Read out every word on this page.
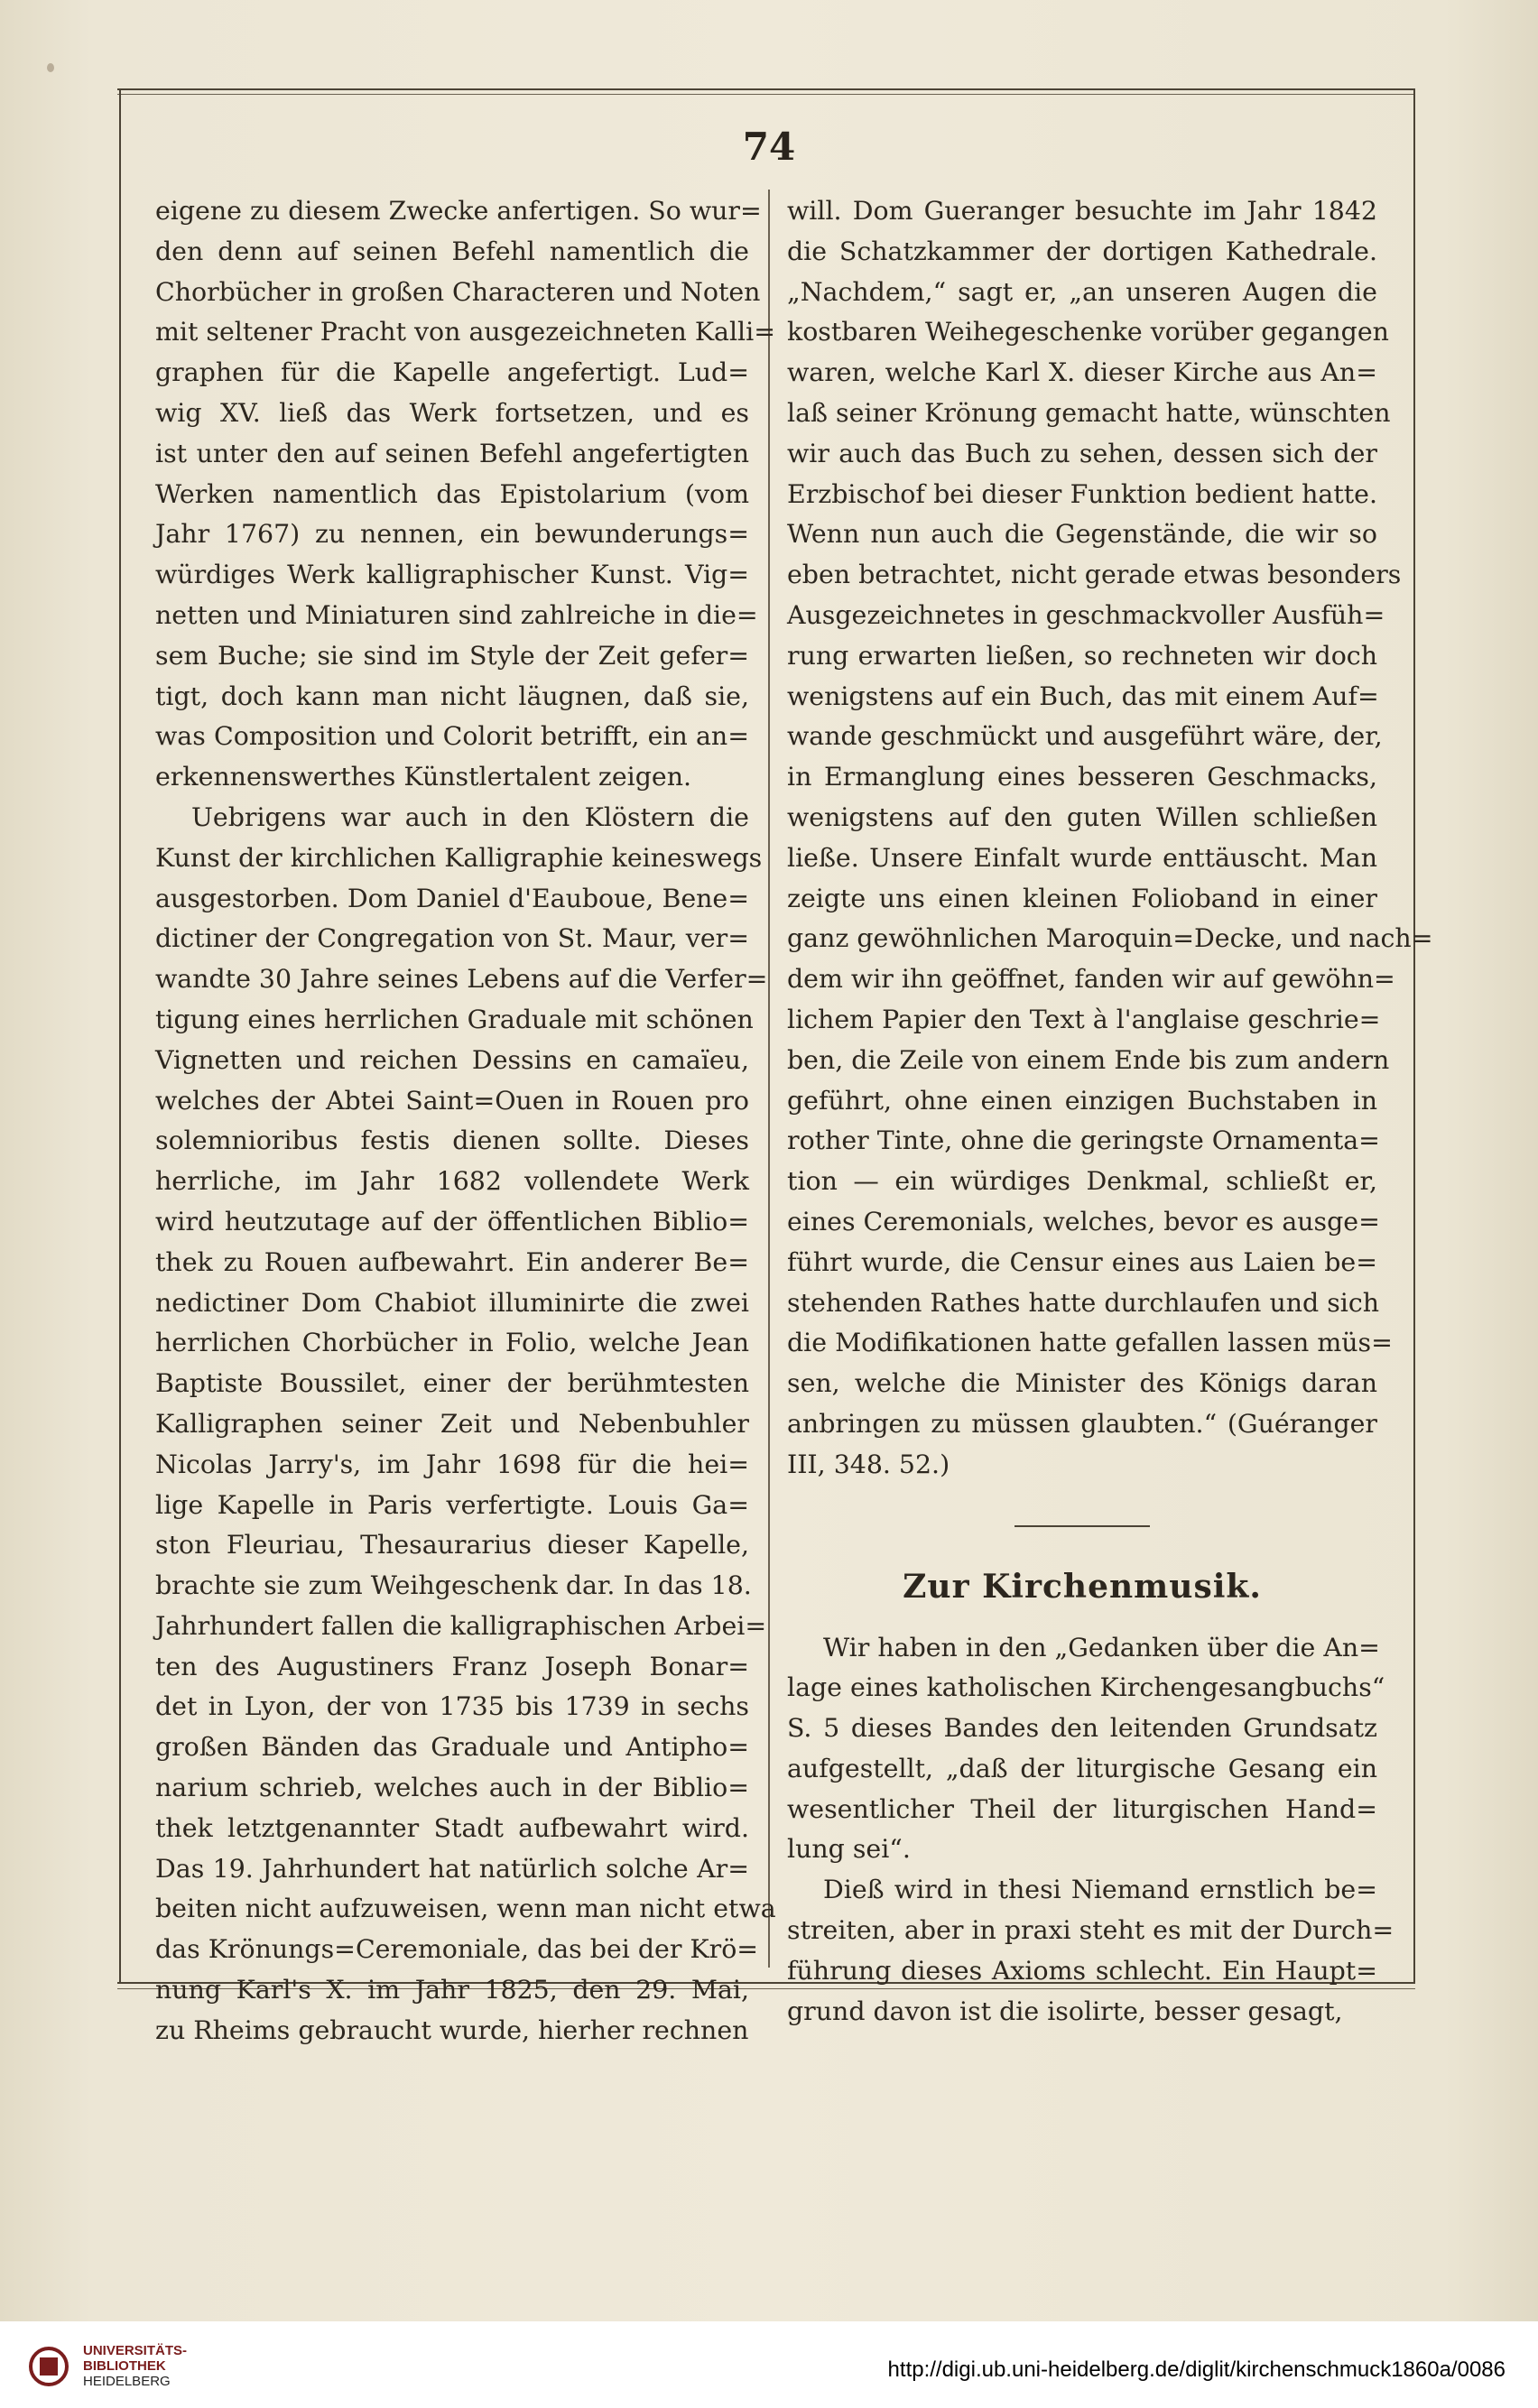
74
eigene zu diesem Zwecke anfertigen. So wur=
den denn auf seinen Befehl namentlich die
Chorbücher in großen Characteren und Noten
mit seltener Pracht von ausgezeichneten Kalli=
graphen für die Kapelle angefertigt. Lud=
wig XV. ließ das Werk fortsetzen, und es
ist unter den auf seinen Befehl angefertigten
Werken namentlich das Epistolarium (vom
Jahr 1767) zu nennen, ein bewunderungs=
würdiges Werk kalligraphischer Kunst. Vig=
netten und Miniaturen sind zahlreiche in die=
sem Buche; sie sind im Style der Zeit gefer=
tigt, doch kann man nicht läugnen, daß sie,
was Composition und Colorit betrifft, ein an=
erkennenswerthes Künstlertalent zeigen.
Uebrigens war auch in den Klöstern die
Kunst der kirchlichen Kalligraphie keineswegs
ausgestorben. Dom Daniel d'Eauboue, Bene=
dictiner der Congregation von St. Maur, ver=
wandte 30 Jahre seines Lebens auf die Verfer=
tigung eines herrlichen Graduale mit schönen
Vignetten und reichen Dessins en camaïeu,
welches der Abtei Saint=Ouen in Rouen pro
solemnioribus festis dienen sollte. Dieses
herrliche, im Jahr 1682 vollendete Werk
wird heutzutage auf der öffentlichen Biblio=
thek zu Rouen aufbewahrt. Ein anderer Be=
nedictiner Dom Chabiot illuminirte die zwei
herrlichen Chorbücher in Folio, welche Jean
Baptiste Boussilet, einer der berühmtesten
Kalligraphen seiner Zeit und Nebenbuhler
Nicolas Jarry's, im Jahr 1698 für die hei=
lige Kapelle in Paris verfertigte. Louis Ga=
ston Fleuriau, Thesaurarius dieser Kapelle,
brachte sie zum Weihgeschenk dar. In das 18.
Jahrhundert fallen die kalligraphischen Arbei=
ten des Augustiners Franz Joseph Bonar=
det in Lyon, der von 1735 bis 1739 in sechs
großen Bänden das Graduale und Antipho=
narium schrieb, welches auch in der Biblio=
thek letztgenannter Stadt aufbewahrt wird.
Das 19. Jahrhundert hat natürlich solche Ar=
beiten nicht aufzuweisen, wenn man nicht etwa
das Krönungs=Ceremoniale, das bei der Krö=
nung Karl's X. im Jahr 1825, den 29. Mai,
zu Rheims gebraucht wurde, hierher rechnen
will. Dom Gueranger besuchte im Jahr 1842
die Schatzkammer der dortigen Kathedrale.
„Nachdem,“ sagt er, „an unseren Augen die
kostbaren Weihegeschenke vorüber gegangen
waren, welche Karl X. dieser Kirche aus An=
laß seiner Krönung gemacht hatte, wünschten
wir auch das Buch zu sehen, dessen sich der
Erzbischof bei dieser Funktion bedient hatte.
Wenn nun auch die Gegenstände, die wir so
eben betrachtet, nicht gerade etwas besonders
Ausgezeichnetes in geschmackvoller Ausfüh=
rung erwarten ließen, so rechneten wir doch
wenigstens auf ein Buch, das mit einem Auf=
wande geschmückt und ausgeführt wäre, der,
in Ermanglung eines besseren Geschmacks,
wenigstens auf den guten Willen schließen
ließe. Unsere Einfalt wurde enttäuscht. Man
zeigte uns einen kleinen Folioband in einer
ganz gewöhnlichen Maroquin=Decke, und nach=
dem wir ihn geöffnet, fanden wir auf gewöhn=
lichem Papier den Text à l'anglaise geschrie=
ben, die Zeile von einem Ende bis zum andern
geführt, ohne einen einzigen Buchstaben in
rother Tinte, ohne die geringste Ornamenta=
tion — ein würdiges Denkmal, schließt er,
eines Ceremonials, welches, bevor es ausge=
führt wurde, die Censur eines aus Laien be=
stehenden Rathes hatte durchlaufen und sich
die Modifikationen hatte gefallen lassen müs=
sen, welche die Minister des Königs daran
anbringen zu müssen glaubten.“ (Guéranger
III, 348. 52.)
Zur Kirchenmusik.
Wir haben in den „Gedanken über die An=
lage eines katholischen Kirchengesangbuchs“
S. 5 dieses Bandes den leitenden Grundsatz
aufgestellt, „daß der liturgische Gesang ein
wesentlicher Theil der liturgischen Hand=
lung sei“.
Dieß wird in thesi Niemand ernstlich be=
streiten, aber in praxi steht es mit der Durch=
führung dieses Axioms schlecht. Ein Haupt=
grund davon ist die isolirte, besser gesagt,
UNIVERSITÄTS-
BIBLIOTHEK
HEIDELBERG	http://digi.ub.uni-heidelberg.de/diglit/kirchenschmuck1860a/0086
